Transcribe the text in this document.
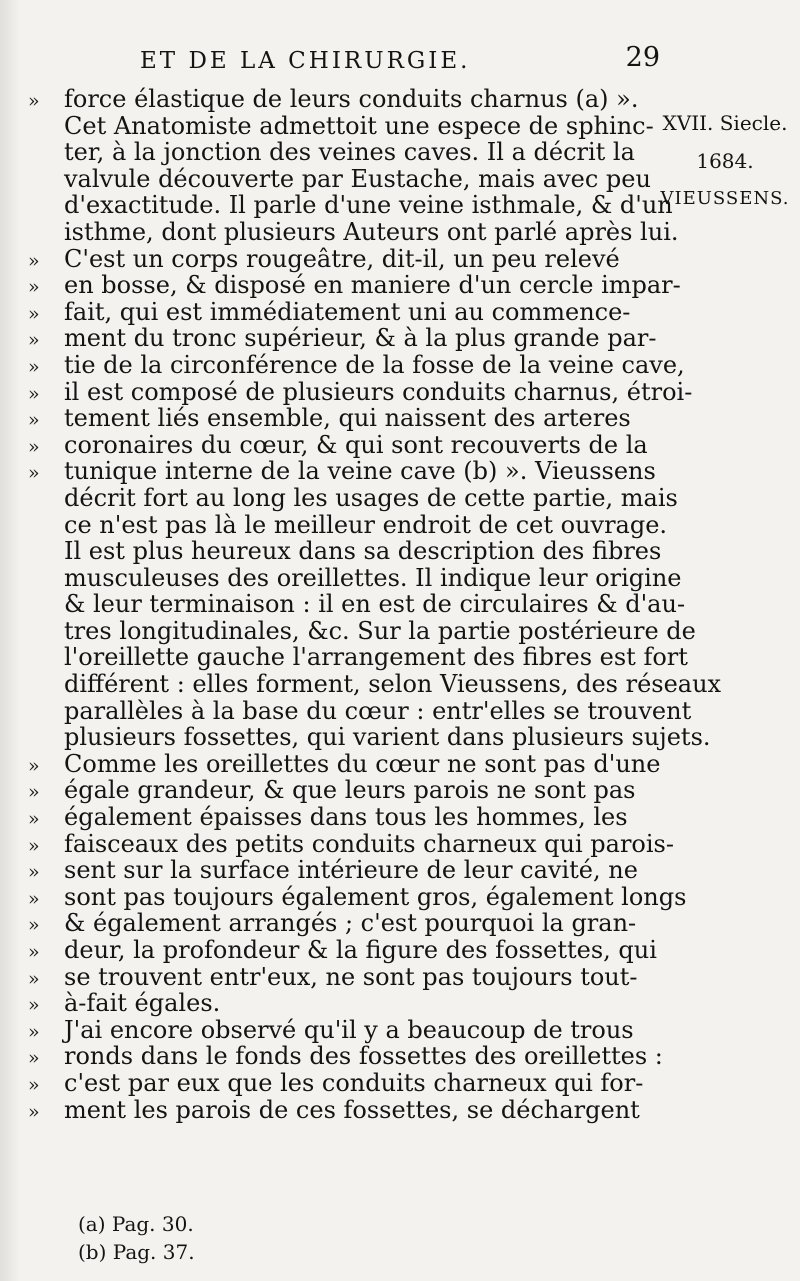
ET DE LA CHIRURGIE.	29
XVII. Siecle.
1684.
VIEUSSENS.
» force élastique de leurs conduits charnus (a) ».
Cet Anatomiste admettoit une espece de sphinc-
ter, à la jonction des veines caves. Il a décrit la
valvule découverte par Eustache, mais avec peu
d'exactitude. Il parle d'une veine isthmale, & d'un
isthme, dont plusieurs Auteurs ont parlé après lui.
» C'est un corps rougeâtre, dit-il, un peu relevé
» en bosse, & disposé en maniere d'un cercle impar-
» fait, qui est immédiatement uni au commence-
» ment du tronc supérieur, & à la plus grande par-
» tie de la circonférence de la fosse de la veine cave,
» il est composé de plusieurs conduits charnus, étroi-
» tement liés ensemble, qui naissent des arteres
» coronaires du cœur, & qui sont recouverts de la
» tunique interne de la veine cave (b) ». Vieussens
décrit fort au long les usages de cette partie, mais
ce n'est pas là le meilleur endroit de cet ouvrage.
Il est plus heureux dans sa description des fibres
musculeuses des oreillettes. Il indique leur origine
& leur terminaison : il en est de circulaires & d'au-
tres longitudinales, &c. Sur la partie postérieure de
l'oreillette gauche l'arrangement des fibres est fort
différent : elles forment, selon Vieussens, des réseaux
parallèles à la base du cœur : entr'elles se trouvent
plusieurs fossettes, qui varient dans plusieurs sujets.
» Comme les oreillettes du cœur ne sont pas d'une
» égale grandeur, & que leurs parois ne sont pas
» également épaisses dans tous les hommes, les
» faisceaux des petits conduits charneux qui parois-
» sent sur la surface intérieure de leur cavité, ne
» sont pas toujours également gros, également longs
» & également arrangés ; c'est pourquoi la gran-
» deur, la profondeur & la figure des fossettes, qui
» se trouvent entr'eux, ne sont pas toujours tout-
» à-fait égales.
» J'ai encore observé qu'il y a beaucoup de trous
» ronds dans le fonds des fossettes des oreillettes :
» c'est par eux que les conduits charneux qui for-
» ment les parois de ces fossettes, se déchargent
(a) Pag. 30.
(b) Pag. 37.
